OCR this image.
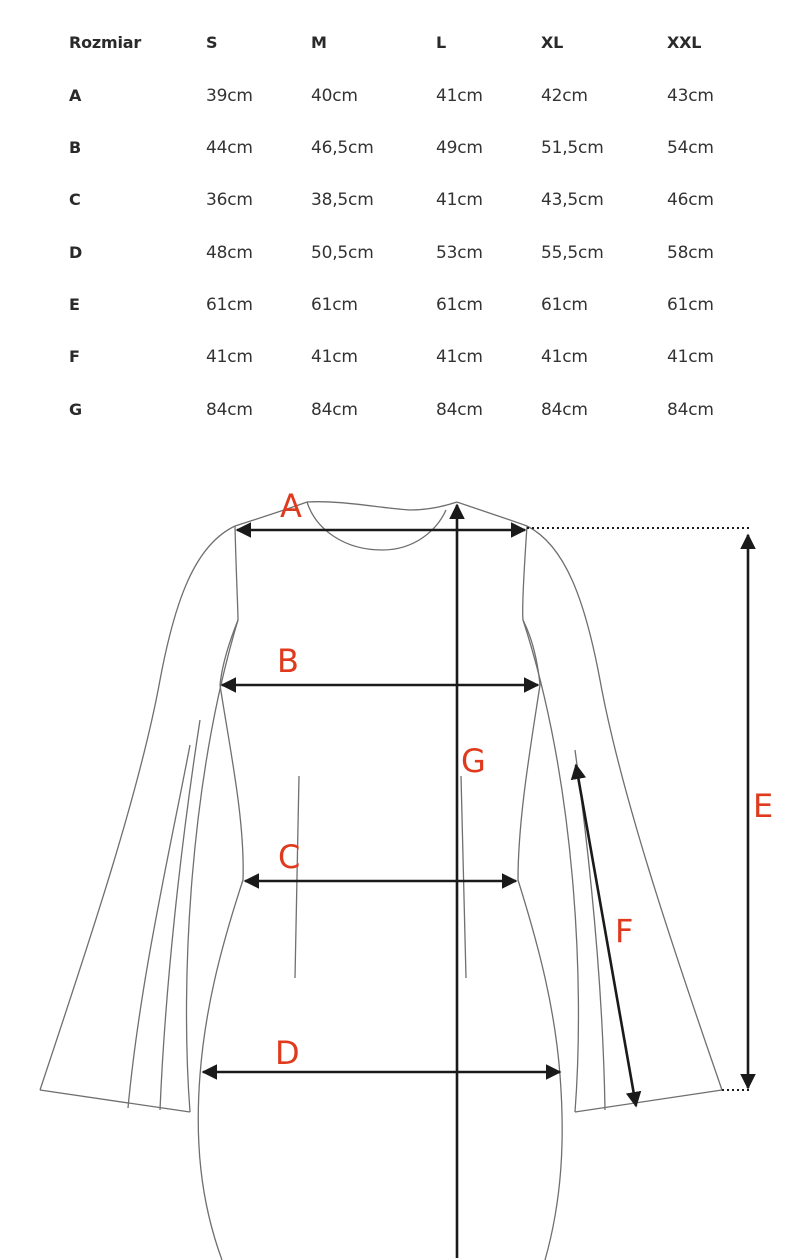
Rozmiar	S	M	L	XL	XXL
A	39cm	40cm	41cm	42cm	43cm
B	44cm	46,5cm	49cm	51,5cm	54cm
C	36cm	38,5cm	41cm	43,5cm	46cm
D	48cm	50,5cm	53cm	55,5cm	58cm
E	61cm	61cm	61cm	61cm	61cm
F	41cm	41cm	41cm	41cm	41cm
G	84cm	84cm	84cm	84cm	84cm
A
B
C
D
G
E
F
